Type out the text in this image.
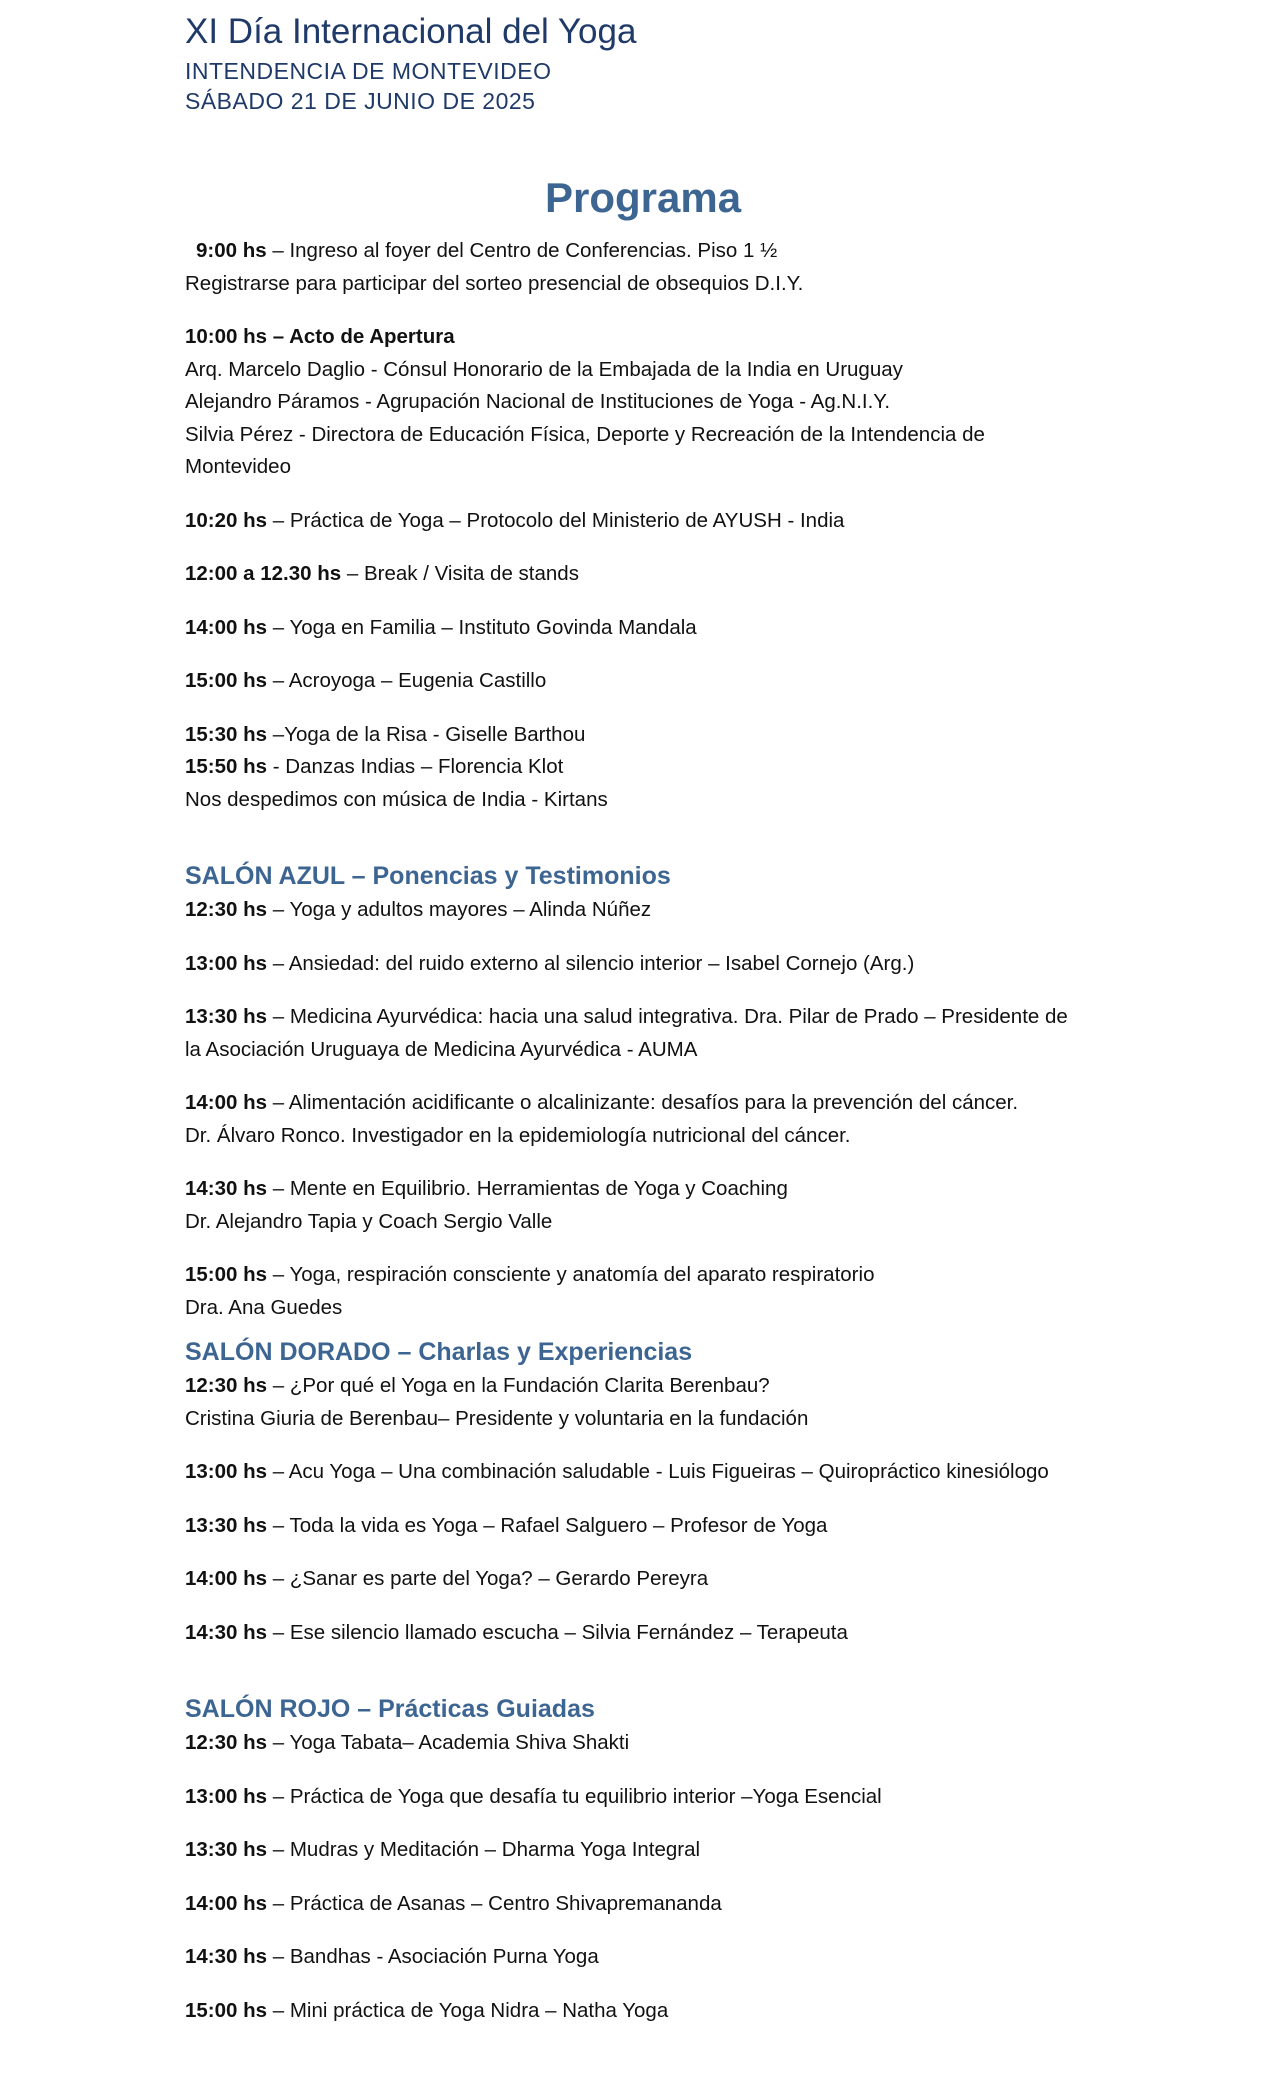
XI Día Internacional del Yoga
INTENDENCIA DE MONTEVIDEO
SÁBADO 21 DE JUNIO DE 2025
Programa
9:00 hs – Ingreso al foyer del Centro de Conferencias. Piso 1 ½
Registrarse para participar del sorteo presencial de obsequios D.I.Y.
10:00 hs – Acto de Apertura
Arq. Marcelo Daglio - Cónsul Honorario de la Embajada de la India en Uruguay
Alejandro Páramos - Agrupación Nacional de Instituciones de Yoga - Ag.N.I.Y.
Silvia Pérez - Directora de Educación Física, Deporte y Recreación de la Intendencia de
Montevideo
10:20 hs – Práctica de Yoga – Protocolo del Ministerio de AYUSH - India
12:00 a 12.30 hs – Break / Visita de stands
14:00 hs – Yoga en Familia – Instituto Govinda Mandala
15:00 hs – Acroyoga – Eugenia Castillo
15:30 hs –Yoga de la Risa - Giselle Barthou
15:50 hs - Danzas Indias – Florencia Klot
Nos despedimos con música de India - Kirtans
SALÓN AZUL – Ponencias y Testimonios
12:30 hs – Yoga y adultos mayores – Alinda Núñez
13:00 hs – Ansiedad: del ruido externo al silencio interior – Isabel Cornejo (Arg.)
13:30 hs – Medicina Ayurvédica: hacia una salud integrativa. Dra. Pilar de Prado – Presidente de
la Asociación Uruguaya de Medicina Ayurvédica - AUMA
14:00 hs – Alimentación acidificante o alcalinizante: desafíos para la prevención del cáncer.
Dr. Álvaro Ronco. Investigador en la epidemiología nutricional del cáncer.
14:30 hs – Mente en Equilibrio. Herramientas de Yoga y Coaching
Dr. Alejandro Tapia y Coach Sergio Valle
15:00 hs – Yoga, respiración consciente y anatomía del aparato respiratorio
Dra. Ana Guedes
SALÓN DORADO – Charlas y Experiencias
12:30 hs – ¿Por qué el Yoga en la Fundación Clarita Berenbau?
Cristina Giuria de Berenbau– Presidente y voluntaria en la fundación
13:00 hs – Acu Yoga – Una combinación saludable - Luis Figueiras – Quiropráctico kinesiólogo
13:30 hs – Toda la vida es Yoga – Rafael Salguero – Profesor de Yoga
14:00 hs – ¿Sanar es parte del Yoga? – Gerardo Pereyra
14:30 hs – Ese silencio llamado escucha – Silvia Fernández – Terapeuta
SALÓN ROJO – Prácticas Guiadas
12:30 hs – Yoga Tabata– Academia Shiva Shakti
13:00 hs – Práctica de Yoga que desafía tu equilibrio interior –Yoga Esencial
13:30 hs – Mudras y Meditación – Dharma Yoga Integral
14:00 hs – Práctica de Asanas – Centro Shivapremananda
14:30 hs – Bandhas - Asociación Purna Yoga
15:00 hs – Mini práctica de Yoga Nidra – Natha Yoga
